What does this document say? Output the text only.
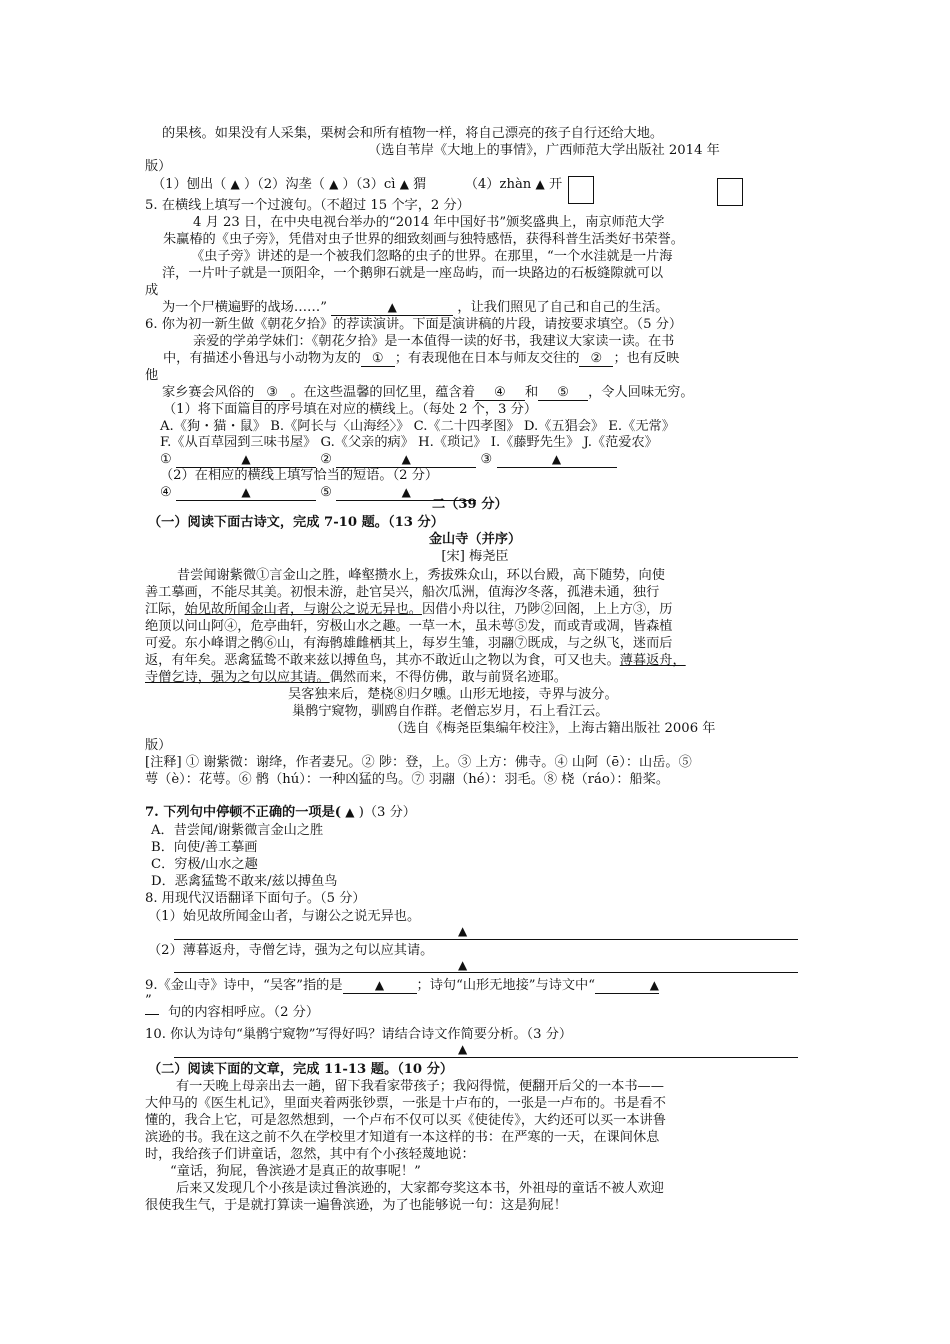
的果核。如果没有人采集，栗树会和所有植物一样，将自己漂亮的孩子自行还给大地。
（选自苇岸《大地上的事情》，广西师范大学出版社 2014 年
版）
（1）刨出（ ▲ ）（2）沟垄（ ▲ ）（3）cì ▲ 猬	（4）zhàn ▲ 开
5. 在横线上填写一个过渡句。（不超过 15 个字，2 分）
4 月 23 日，在中央电视台举办的“2014 年中国好书”颁奖盛典上，南京师范大学
朱赢椿的《虫子旁》，凭借对虫子世界的细致刻画与独特感悟，获得科普生活类好书荣誉。
《虫子旁》讲述的是一个被我们忽略的虫子的世界。在那里，“一个水洼就是一片海
洋，一片叶子就是一顶阳伞，一个鹅卵石就是一座岛屿，而一块路边的石板缝隙就可以
成
为一个尸横遍野的战场……”	▲	，让我们照见了自己和自己的生活。
6. 你为初一新生做《朝花夕拾》的荐读演讲。下面是演讲稿的片段，请按要求填空。（5 分）
亲爱的学弟学妹们：《朝花夕拾》是一本值得一读的好书，我建议大家读一读。在书
中，有描述小鲁迅与小动物为友的 ① ；有表现他在日本与师友交往的 ② ；也有反映
他
家乡赛会风俗的 ③ 。在这些温馨的回忆里，蕴含着 ④ 和 ⑤ ，令人回味无穷。
（1）将下面篇目的序号填在对应的横线上。（每处 2 个，3 分）
A.《狗・猫・鼠》 B.《阿长与〈山海经〉》 C.《二十四孝图》 D.《五猖会》 E.《无常》
F.《从百草园到三味书屋》 G.《父亲的病》 H.《琐记》 I.《藤野先生》 J.《范爱农》
①	▲	②	▲	③	▲
（2）在相应的横线上填写恰当的短语。（2 分）
④	▲	⑤	▲
二（39 分）
（一）阅读下面古诗文，完成 7-10 题。（13 分）
金山寺（并序）
[宋] 梅尧臣
昔尝闻谢紫微①言金山之胜，峰壑攒水上，秀拔殊众山，环以台殿，高下随势，向使
善工摹画，不能尽其美。初恨未游，赴官吴兴，船次瓜洲，值海汐冬落，孤港未通，独行
江际，始见故所闻金山者，与谢公之说无异也。因借小舟以往，乃陟②回阁，上上方③，历
绝顶以问山阿④，危亭曲轩，穷极山水之趣。一草一木，虽未萼⑤发，而或青或凋，皆森植
可爱。东小峰谓之鹘⑥山，有海鹘雄雌栖其上，每岁生雏，羽翮⑦既成，与之纵飞，迷而后
返，有年矣。恶禽猛鸷不敢来兹以搏鱼鸟，其亦不敢近山之物以为食，可又也夫。薄暮返舟，
寺僧乞诗，强为之句以应其请。偶然而来，不得仿佛，敢与前贤名迹耶。
吴客独来后，楚桡⑧归夕曛。山形无地接，寺界与波分。
巢鹘宁窥物，驯鸥自作群。老僧忘岁月，石上看江云。
（选自《梅尧臣集编年校注》，上海古籍出版社 2006 年
版）
[注释] ① 谢紫微：谢绛，作者妻兄。② 陟：登，上。③ 上方：佛寺。④ 山阿（ē）：山岳。⑤
萼（è）：花萼。⑥ 鹘（hú）：一种凶猛的鸟。⑦ 羽翮（hé）：羽毛。⑧ 桡（ráo）：船桨。
7. 下列句中停顿不正确的一项是( ▲ )（3 分）
A．昔尝闻/谢紫微言金山之胜
B．向使/善工摹画
C．穷极/山水之趣
D．恶禽猛鸷不敢来/兹以搏鱼鸟
8. 用现代汉语翻译下面句子。（5 分）
（1）始见故所闻金山者，与谢公之说无异也。
▲
（2）薄暮返舟，寺僧乞诗，强为之句以应其请。
▲
9.《金山寺》诗中，“吴客”指的是	▲ ；诗句“山形无地接”与诗文中“	▲
”
句的内容相呼应。（2 分）
10. 你认为诗句“巢鹘宁窥物”写得好吗？请结合诗文作简要分析。（3 分）
▲
（二）阅读下面的文章，完成 11-13 题。（10 分）
有一天晚上母亲出去一趟，留下我看家带孩子；我闷得慌，便翻开后父的一本书——
大仲马的《医生札记》，里面夹着两张钞票，一张是十卢布的，一张是一卢布的。书是看不
懂的，我合上它，可是忽然想到，一个卢布不仅可以买《使徒传》，大约还可以买一本讲鲁
滨逊的书。我在这之前不久在学校里才知道有一本这样的书：在严寒的一天，在课间休息
时，我给孩子们讲童话，忽然，其中有个小孩轻蔑地说：
“童话，狗屁，鲁滨逊才是真正的故事呢！”
后来又发现几个小孩是读过鲁滨逊的，大家都夸奖这本书，外祖母的童话不被人欢迎
很使我生气，于是就打算读一遍鲁滨逊，为了也能够说一句：这是狗屁！
